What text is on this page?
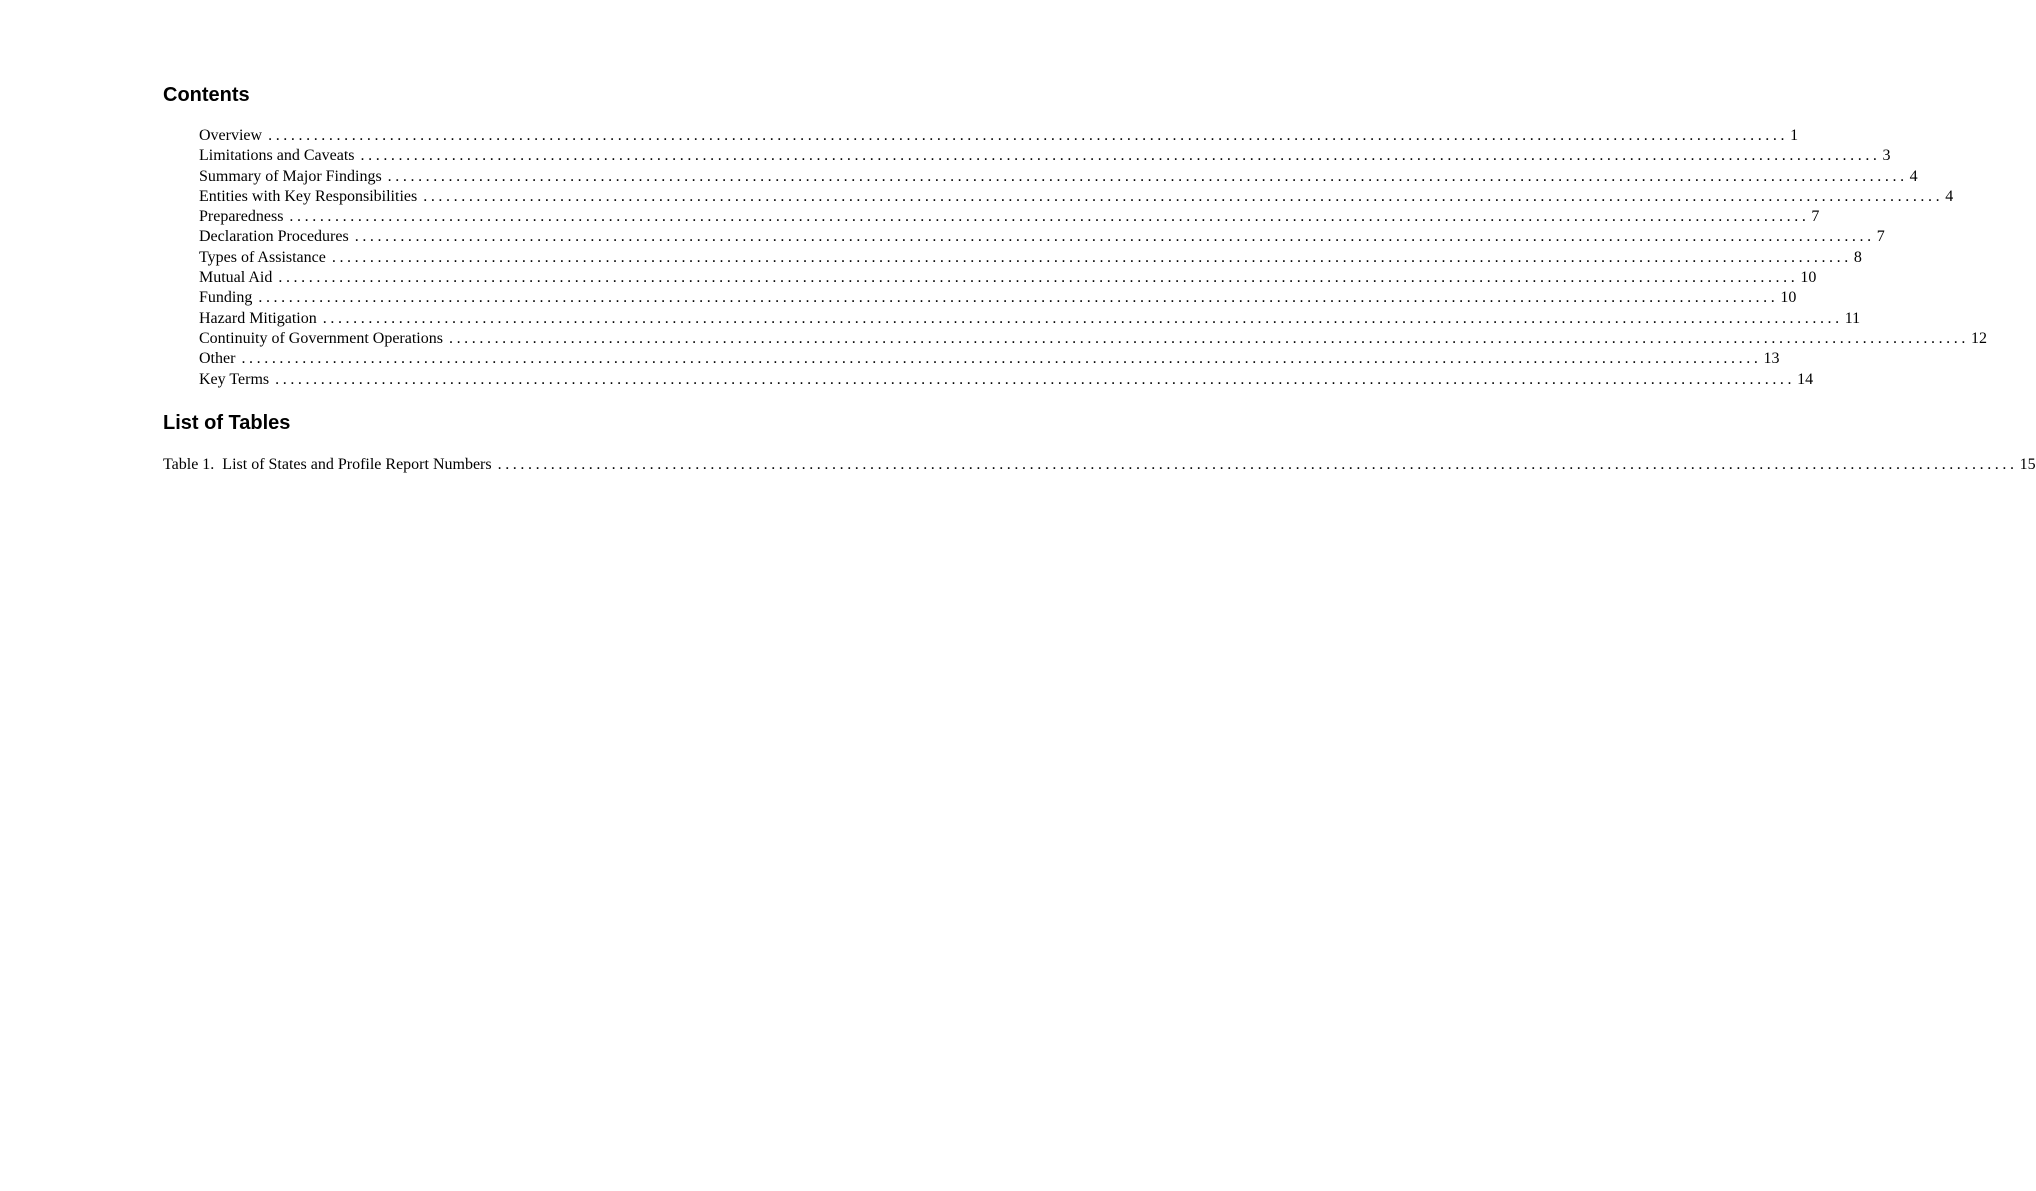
Contents
Overview ........................................................................................................................................................................................................ 1
Limitations and Caveats ........................................................................................................................................................................................................ 3
Summary of Major Findings ........................................................................................................................................................................................................ 4
Entities with Key Responsibilities ........................................................................................................................................................................................................ 4
Preparedness ........................................................................................................................................................................................................ 7
Declaration Procedures ........................................................................................................................................................................................................ 7
Types of Assistance ........................................................................................................................................................................................................ 8
Mutual Aid ........................................................................................................................................................................................................ 10
Funding ........................................................................................................................................................................................................ 10
Hazard Mitigation ........................................................................................................................................................................................................ 11
Continuity of Government Operations ........................................................................................................................................................................................................ 12
Other ........................................................................................................................................................................................................ 13
Key Terms ........................................................................................................................................................................................................ 14
List of Tables
Table 1.  List of States and Profile Report Numbers ........................................................................................................................................................................................................ 15
